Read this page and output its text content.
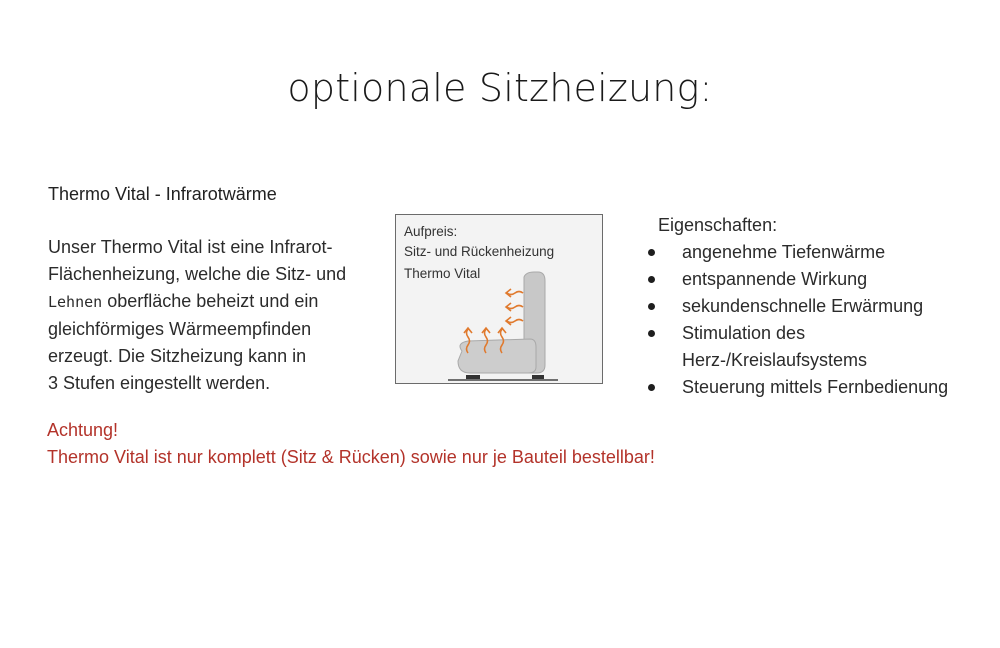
optionale Sitzheizung:
Thermo Vital - Infrarotwärme
Unser Thermo Vital ist eine Infrarot-
Flächenheizung, welche die Sitz- und
Lehnen oberfläche beheizt und ein
gleichförmiges Wärmeempfinden
erzeugt. Die Sitzheizung kann in
3 Stufen eingestellt werden.
Aufpreis:
Sitz- und Rückenheizung
Thermo Vital
Eigenschaften:
angenehme Tiefenwärme
entspannende Wirkung
sekundenschnelle Erwärmung
Stimulation des
Herz-/Kreislaufsystems
Steuerung mittels Fernbedienung
Achtung!
Thermo Vital ist nur komplett (Sitz & Rücken) sowie nur je Bauteil bestellbar!
